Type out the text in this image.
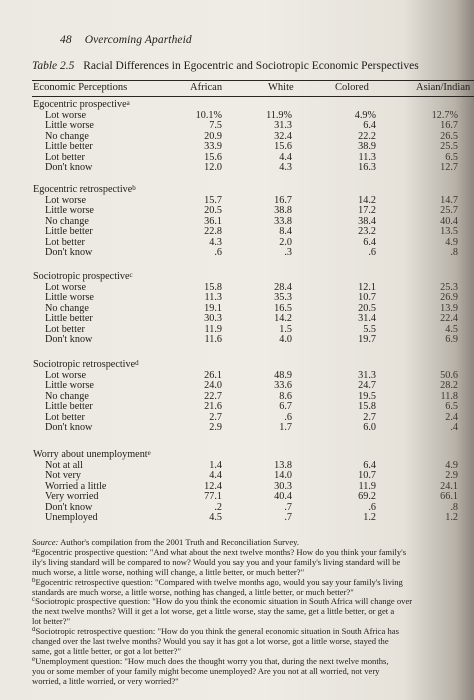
48 Overcoming Apartheid
Table 2.5 Racial Differences in Egocentric and Sociotropic Economic Perspectives
Economic Perceptions	African	White	Colored	Asian/Indian
Egocentric prospective$^a$
Lot worse	10.1%	11.9%	4.9%	12.7%
Little worse	7.5	31.3	6.4	16.7
No change	20.9	32.4	22.2	26.5
Little better	33.9	15.6	38.9	25.5
Lot better	15.6	4.4	11.3	6.5
Don't know	12.0	4.3	16.3	12.7
Egocentric retrospective$^b$
Lot worse	15.7	16.7	14.2	14.7
Little worse	20.5	38.8	17.2	25.7
No change	36.1	33.8	38.4	40.4
Little better	22.8	8.4	23.2	13.5
Lot better	4.3	2.0	6.4	4.9
Don't know	.6	.3	.6	.8
Sociotropic prospective$^c$
Lot worse	15.8	28.4	12.1	25.3
Little worse	11.3	35.3	10.7	26.9
No change	19.1	16.5	20.5	13.9
Little better	30.3	14.2	31.4	22.4
Lot better	11.9	1.5	5.5	4.5
Don't know	11.6	4.0	19.7	6.9
Sociotropic retrospective$^d$
Lot worse	26.1	48.9	31.3	50.6
Little worse	24.0	33.6	24.7	28.2
No change	22.7	8.6	19.5	11.8
Little better	21.6	6.7	15.8	6.5
Lot better	2.7	.6	2.7	2.4
Don't know	2.9	1.7	6.0	.4
Worry about unemployment$^e$
Not at all	1.4	13.8	6.4	4.9
Not very	4.4	14.0	10.7	2.9
Worried a little	12.4	30.3	11.9	24.1
Very worried	77.1	40.4	69.2	66.1
Don't know	.2	.7	.6	.8
Unemployed	4.5	.7	1.2	1.2

Source: Author's compilation from the 2001 Truth and Reconciliation Survey.

$^a$Egocentric prospective question: "And what about the next twelve months? How do you think your family's

ily's living standard will be compared to now? Would you say you and your family's living standard will be

much worse, a little worse, nothing will change, a little better, or much better?"

$^b$Egocentric retrospective question: "Compared with twelve months ago, would you say your family's living

standards are much worse, a little worse, nothing has changed, a little better, or much better?"

$^c$Sociotropic prospective question: "How do you think the economic situation in South Africa will change over

the next twelve months? Will it get a lot worse, get a little worse, stay the same, get a little better, or get a

lot better?"

$^d$Sociotropic retrospective question: "How do you think the general economic situation in South Africa has

changed over the last twelve months? Would you say it has got a lot worse, got a little worse, stayed the

same, got a little better, or got a lot better?"

$^e$Unemployment question: "How much does the thought worry you that, during the next twelve months,

you or some member of your family might become unemployed? Are you not at all worried, not very

worried, a little worried, or very worried?"
